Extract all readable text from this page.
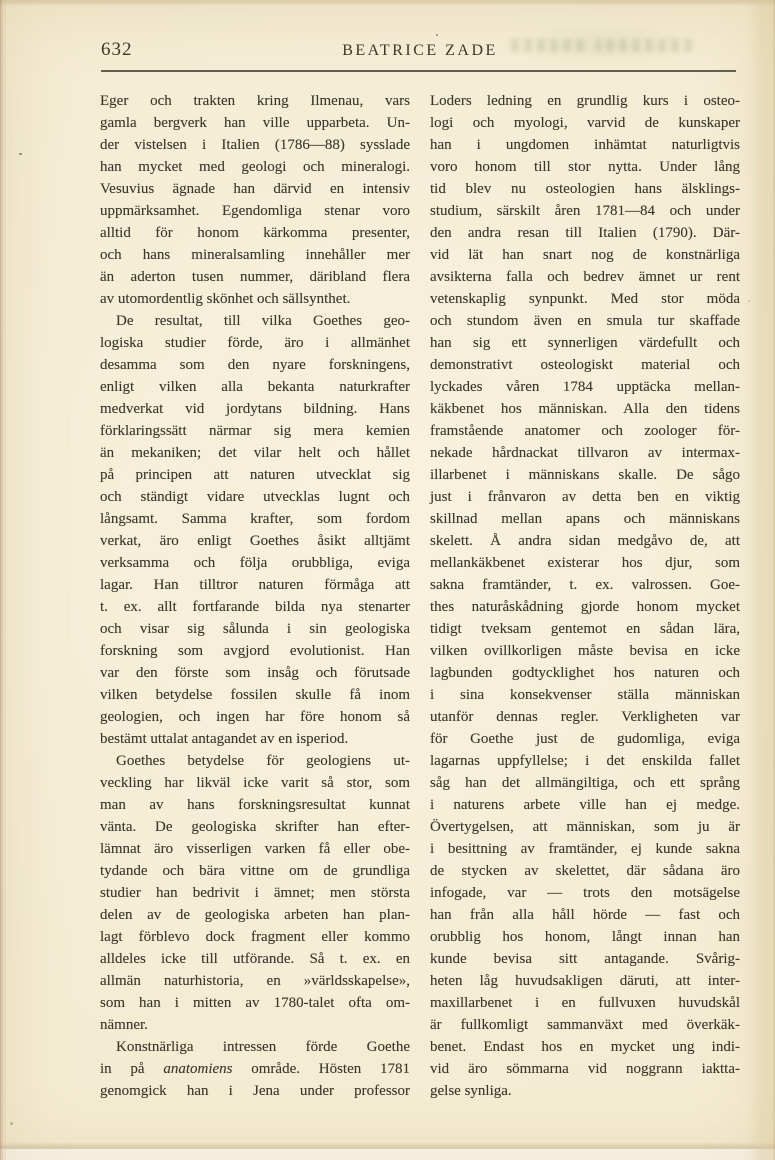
632	BEATRICE ZADE
Eger och trakten kring Ilmenau, vars
gamla bergverk han ville upparbeta. Un-
der vistelsen i Italien (1786—88) sysslade
han mycket med geologi och mineralogi.
Vesuvius ägnade han därvid en intensiv
uppmärksamhet. Egendomliga stenar voro
alltid för honom kärkomma presenter,
och hans mineralsamling innehåller mer
än aderton tusen nummer, däribland flera
av utomordentlig skönhet och sällsynthet.
De resultat, till vilka Goethes geo-
logiska studier förde, äro i allmänhet
desamma som den nyare forskningens,
enligt vilken alla bekanta naturkrafter
medverkat vid jordytans bildning. Hans
förklaringssätt närmar sig mera kemien
än mekaniken; det vilar helt och hållet
på principen att naturen utvecklat sig
och ständigt vidare utvecklas lugnt och
långsamt. Samma krafter, som fordom
verkat, äro enligt Goethes åsikt alltjämt
verksamma och följa orubbliga, eviga
lagar. Han tilltror naturen förmåga att
t. ex. allt fortfarande bilda nya stenarter
och visar sig sålunda i sin geologiska
forskning som avgjord evolutionist. Han
var den förste som insåg och förutsade
vilken betydelse fossilen skulle få inom
geologien, och ingen har före honom så
bestämt uttalat antagandet av en isperiod.
Goethes betydelse för geologiens ut-
veckling har likväl icke varit så stor, som
man av hans forskningsresultat kunnat
vänta. De geologiska skrifter han efter-
lämnat äro visserligen varken få eller obe-
tydande och bära vittne om de grundliga
studier han bedrivit i ämnet; men största
delen av de geologiska arbeten han plan-
lagt förblevo dock fragment eller kommo
alldeles icke till utförande. Så t. ex. en
allmän naturhistoria, en »världsskapelse»,
som han i mitten av 1780-talet ofta om-
nämner.
Konstnärliga intressen förde Goethe
in på anatomiens område. Hösten 1781
genomgick han i Jena under professor
Loders ledning en grundlig kurs i osteo-
logi och myologi, varvid de kunskaper
han i ungdomen inhämtat naturligtvis
voro honom till stor nytta. Under lång
tid blev nu osteologien hans älsklings-
studium, särskilt åren 1781—84 och under
den andra resan till Italien (1790). Där-
vid lät han snart nog de konstnärliga
avsikterna falla och bedrev ämnet ur rent
vetenskaplig synpunkt. Med stor möda
och stundom även en smula tur skaffade
han sig ett synnerligen värdefullt och
demonstrativt osteologiskt material och
lyckades våren 1784 upptäcka mellan-
käkbenet hos människan. Alla den tidens
framstående anatomer och zoologer för-
nekade hårdnackat tillvaron av intermax-
illarbenet i människans skalle. De sågo
just i frånvaron av detta ben en viktig
skillnad mellan apans och människans
skelett. Å andra sidan medgåvo de, att
mellankäkbenet existerar hos djur, som
sakna framtänder, t. ex. valrossen. Goe-
thes naturåskådning gjorde honom mycket
tidigt tveksam gentemot en sådan lära,
vilken ovillkorligen måste bevisa en icke
lagbunden godtycklighet hos naturen och
i sina konsekvenser ställa människan
utanför dennas regler. Verkligheten var
för Goethe just de gudomliga, eviga
lagarnas uppfyllelse; i det enskilda fallet
såg han det allmängiltiga, och ett språng
i naturens arbete ville han ej medge.
Övertygelsen, att människan, som ju är
i besittning av framtänder, ej kunde sakna
de stycken av skelettet, där sådana äro
infogade, var — trots den motsägelse
han från alla håll hörde — fast och
orubblig hos honom, långt innan han
kunde bevisa sitt antagande. Svårig-
heten låg huvudsakligen däruti, att inter-
maxillarbenet i en fullvuxen huvudskål
är fullkomligt sammanväxt med överkäk-
benet. Endast hos en mycket ung indi-
vid äro sömmarna vid noggrann iaktta-
gelse synliga.
